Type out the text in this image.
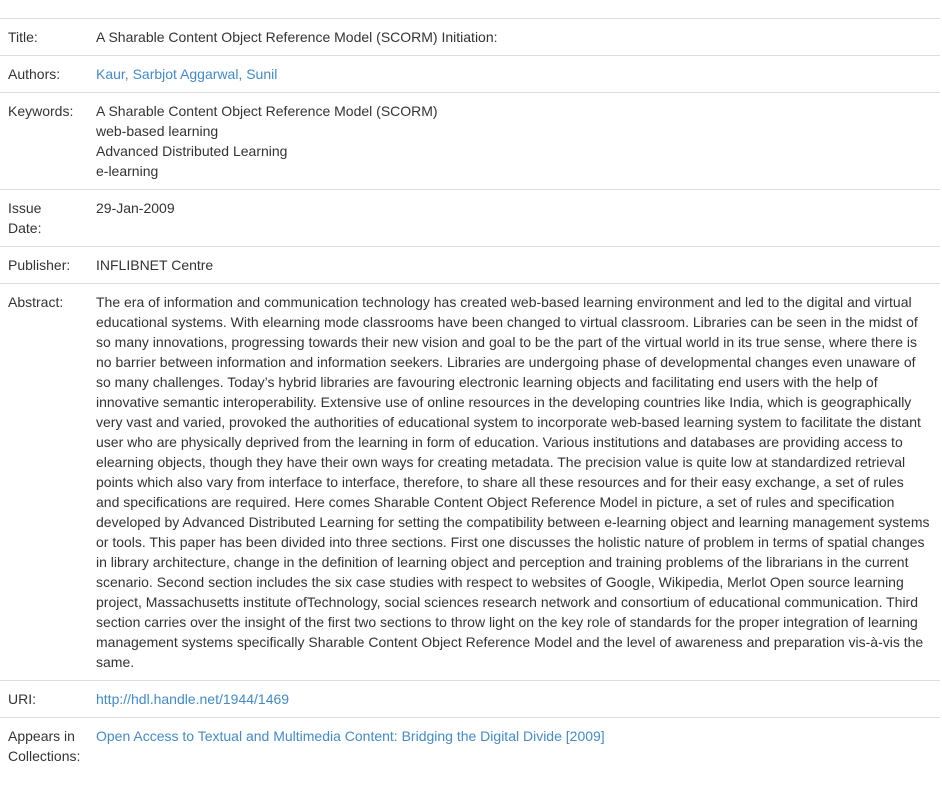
Title:	A Sharable Content Object Reference Model (SCORM) Initiation:
Authors:	Kaur, Sarbjot Aggarwal, Sunil
Keywords:	A Sharable Content Object Reference Model (SCORM)
web-based learning
Advanced Distributed Learning
e-learning
Issue Date:
29-Jan-2009
Publisher:	INFLIBNET Centre
Abstract:	The era of information and communication technology has created web-based learning environment and led to the digital and virtual educational systems. With elearning mode classrooms have been changed to virtual classroom. Libraries can be seen in the midst of so many innovations, progressing towards their new vision and goal to be the part of the virtual world in its true sense, where there is no barrier between information and information seekers. Libraries are undergoing phase of developmental changes even unaware of so many challenges. Today’s hybrid libraries are favouring electronic learning objects and facilitating end users with the help of innovative semantic interoperability. Extensive use of online resources in the developing countries like India, which is geographically very vast and varied, provoked the authorities of educational system to incorporate web-based learning system to facilitate the distant user who are physically deprived from the learning in form of education. Various institutions and databases are providing access to elearning objects, though they have their own ways for creating metadata. The precision value is quite low at standardized retrieval points which also vary from interface to interface, therefore, to share all these resources and for their easy exchange, a set of rules and specifications are required. Here comes Sharable Content Object Reference Model in picture, a set of rules and specification developed by Advanced Distributed Learning for setting the compatibility between e-learning object and learning management systems or tools. This paper has been divided into three sections. First one discusses the holistic nature of problem in terms of spatial changes in library architecture, change in the definition of learning object and perception and training problems of the librarians in the current scenario. Second section includes the six case studies with respect to websites of Google, Wikipedia, Merlot Open source learning project, Massachusetts institute ofTechnology, social sciences research network and consortium of educational communication. Third section carries over the insight of the first two sections to throw light on the key role of standards for the proper integration of learning management systems specifically Sharable Content Object Reference Model and the level of awareness and preparation vis-à-vis the same.
URI:	http://hdl.handle.net/1944/1469
Appears in Collections:
Open Access to Textual and Multimedia Content: Bridging the Digital Divide [2009]
